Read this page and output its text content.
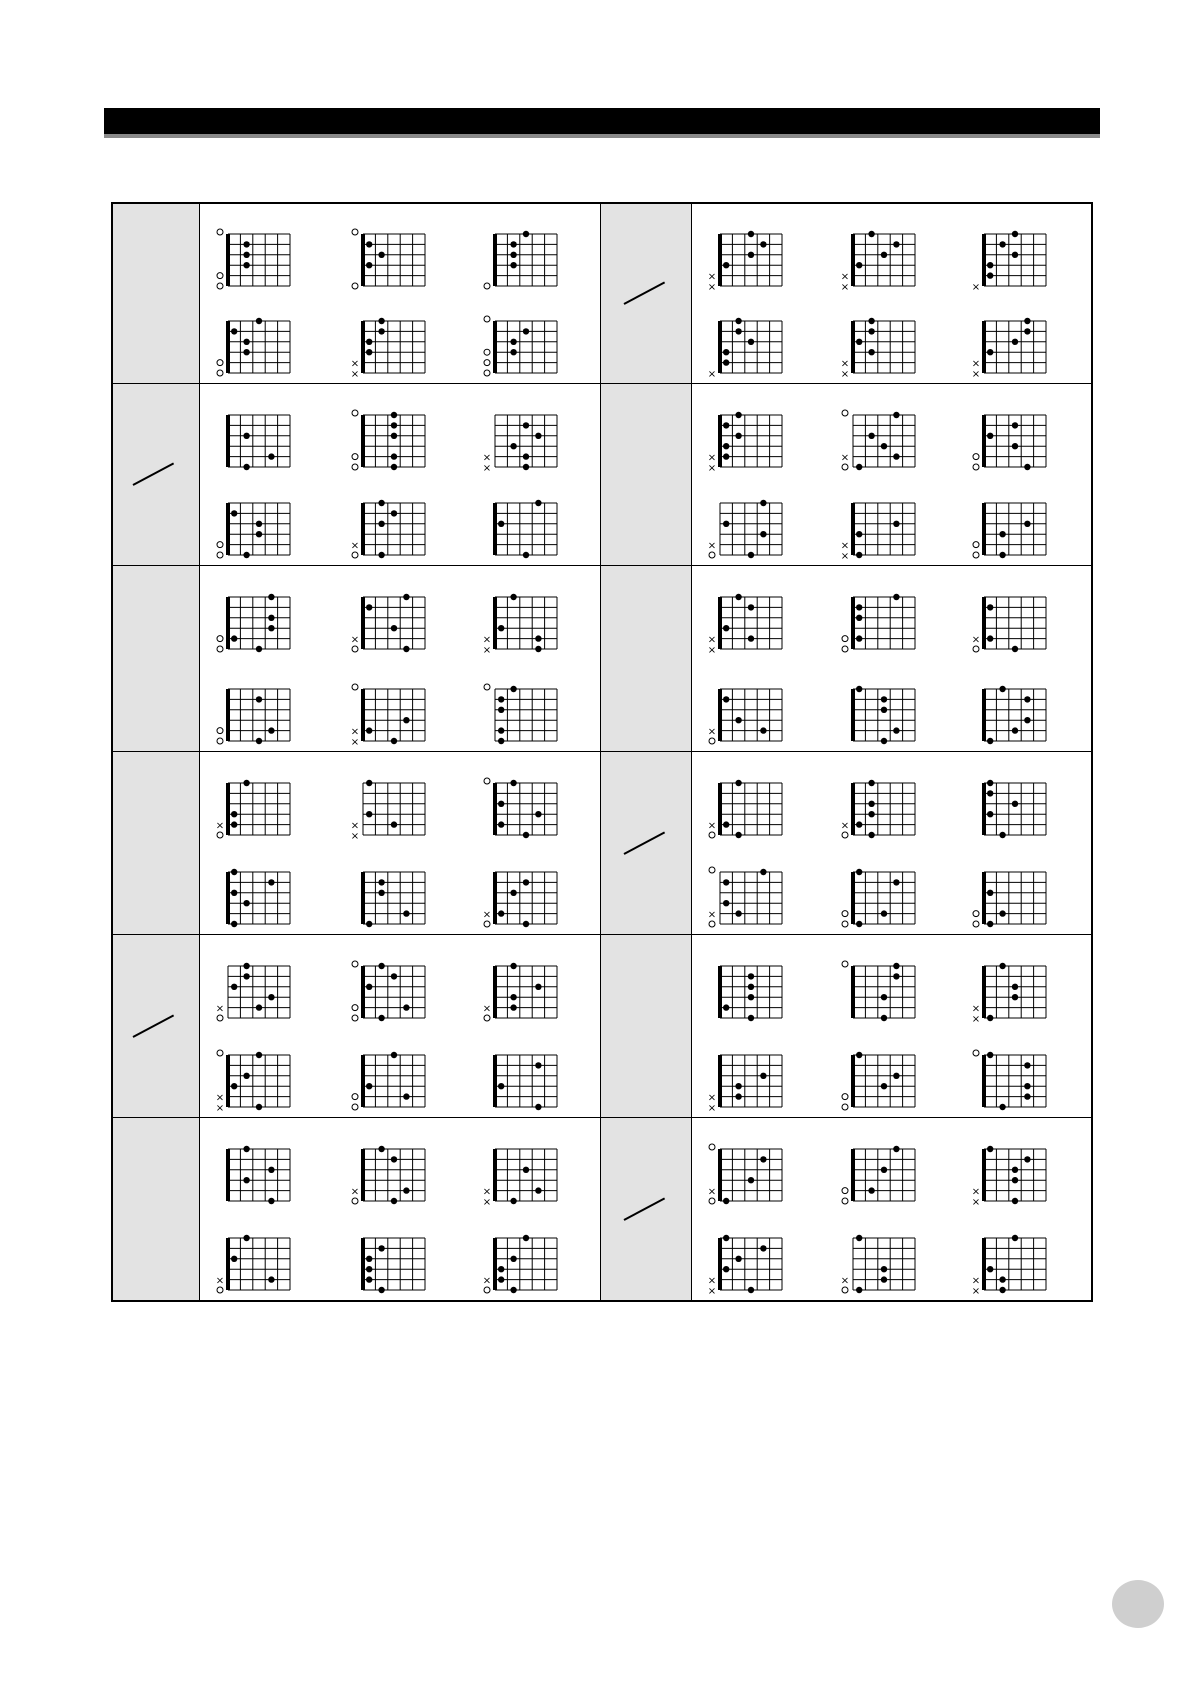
×
×
×
×
×
×
×
×	×
×
×
×
×
×
×
×
×	×
×
×
×
×
×
×
×
×
×
×	×
×
×
×
×
×
×	×
×
×	×
×
×
×
×
×
×
×
×
×
×	×
×
×
×
×
×	×
×
×
